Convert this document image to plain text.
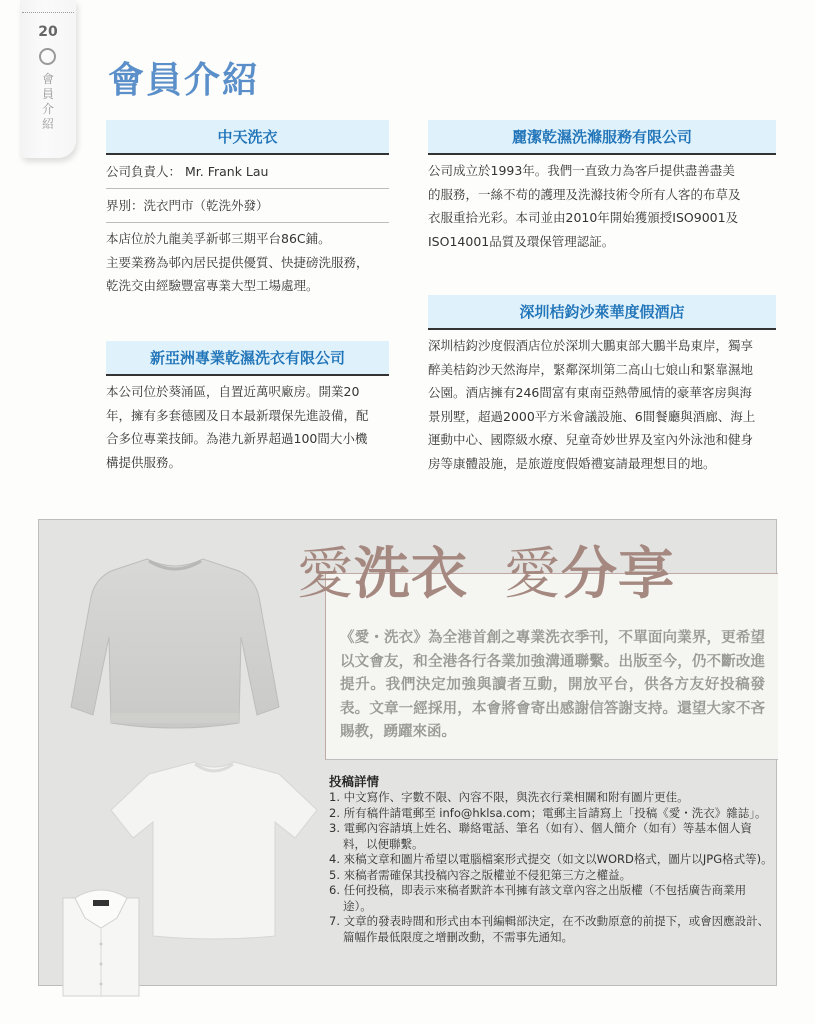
20
會
員
介
紹
會員介紹
中天洗衣
公司負責人： Mr. Frank Lau
界別：洗衣門市（乾洗外發）
本店位於九龍美孚新邨三期平台86C鋪。
主要業務為邨內居民提供優質、快捷磅洗服務，
乾洗交由經驗豐富專業大型工場處理。
新亞洲專業乾濕洗衣有限公司
本公司位於葵涌區，自置近萬呎廠房。開業20
年，擁有多套德國及日本最新環保先進設備，配
合多位專業技師。為港九新界超過100間大小機
構提供服務。
麗潔乾濕洗滌服務有限公司
公司成立於1993年。我們一直致力為客戶提供盡善盡美
的服務，一絲不苟的護理及洗滌技術令所有人客的布草及
衣服重拾光彩。本司並由2010年開始獲頒授ISO9001及
ISO14001品質及環保管理認証。
深圳桔鈞沙萊華度假酒店
深圳桔鈞沙度假酒店位於深圳大鵬東部大鵬半島東岸，獨享
醉美桔鈞沙天然海岸，緊鄰深圳第二高山七娘山和緊靠濕地
公園。酒店擁有246間富有東南亞熱帶風情的豪華客房與海
景別墅，超過2000平方米會議設施、6間餐廳與酒廊、海上
運動中心、國際級水療、兒童奇妙世界及室內外泳池和健身
房等康體設施，是旅遊度假婚禮宴請最理想目的地。
《愛・洗衣》為全港首創之專業洗衣季刊，不單面向業界，更希望以文會友，和全港各行各業加強溝通聯繫。出版至今，仍不斷改進提升。我們決定加強與讀者互動，開放平台，供各方友好投稿發表。文章一經採用，本會將會寄出感謝信答謝支持。還望大家不吝賜教，踴躍來函。
愛洗衣 愛分享
投稿詳情
1. 中文寫作、字數不限、內容不限，與洗衣行業相關和附有圖片更佳。
2. 所有稿件請電郵至 info@hklsa.com；電郵主旨請寫上「投稿《愛・洗衣》雜誌」。
3. 電郵內容請填上姓名、聯絡電話、筆名（如有）、個人簡介（如有）等基本個人資料，以便聯繫。
4. 來稿文章和圖片希望以電腦檔案形式提交（如文以WORD格式，圖片以JPG格式等)。
5. 來稿者需確保其投稿內容之版權並不侵犯第三方之權益。
6. 任何投稿，即表示來稿者默許本刊擁有該文章內容之出版權（不包括廣告商業用途）。
7. 文章的發表時間和形式由本刊編輯部決定，在不改動原意的前提下，或會因應設計、篇幅作最低限度之增刪改動，不需事先通知。
